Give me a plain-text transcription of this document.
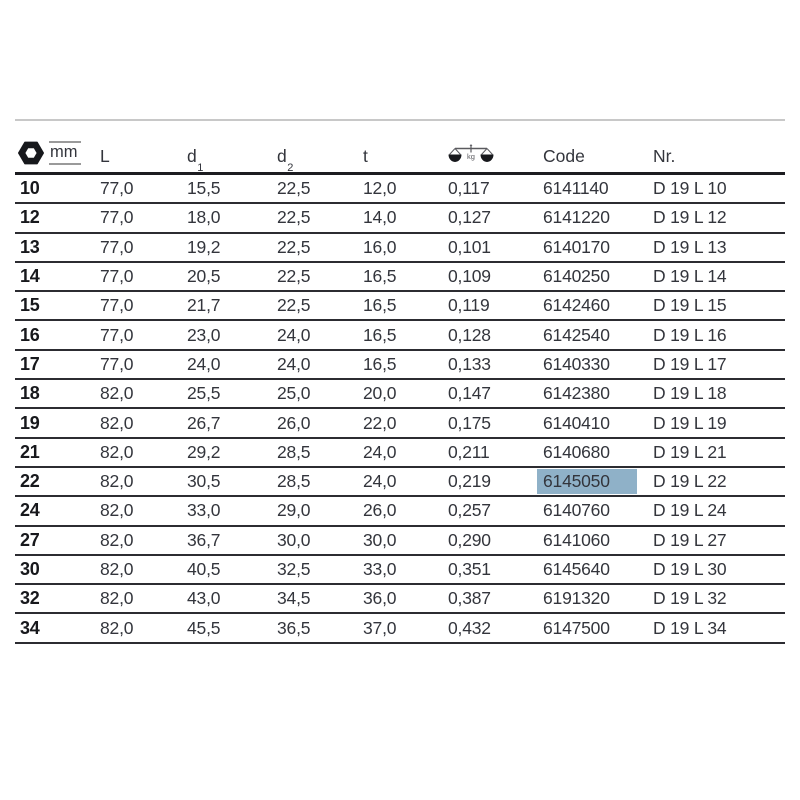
mm	L	$d_1$	$d_2$	t	kg	Code	Nr.
10	77,0	15,5	22,5	12,0	0,117	6141140	D 19 L 10
12	77,0	18,0	22,5	14,0	0,127	6141220	D 19 L 12
13	77,0	19,2	22,5	16,0	0,101	6140170	D 19 L 13
14	77,0	20,5	22,5	16,5	0,109	6140250	D 19 L 14
15	77,0	21,7	22,5	16,5	0,119	6142460	D 19 L 15
16	77,0	23,0	24,0	16,5	0,128	6142540	D 19 L 16
17	77,0	24,0	24,0	16,5	0,133	6140330	D 19 L 17
18	82,0	25,5	25,0	20,0	0,147	6142380	D 19 L 18
19	82,0	26,7	26,0	22,0	0,175	6140410	D 19 L 19
21	82,0	29,2	28,5	24,0	0,211	6140680	D 19 L 21
22	82,0	30,5	28,5	24,0	0,219	6145050	D 19 L 22
24	82,0	33,0	29,0	26,0	0,257	6140760	D 19 L 24
27	82,0	36,7	30,0	30,0	0,290	6141060	D 19 L 27
30	82,0	40,5	32,5	33,0	0,351	6145640	D 19 L 30
32	82,0	43,0	34,5	36,0	0,387	6191320	D 19 L 32
34	82,0	45,5	36,5	37,0	0,432	6147500	D 19 L 34
